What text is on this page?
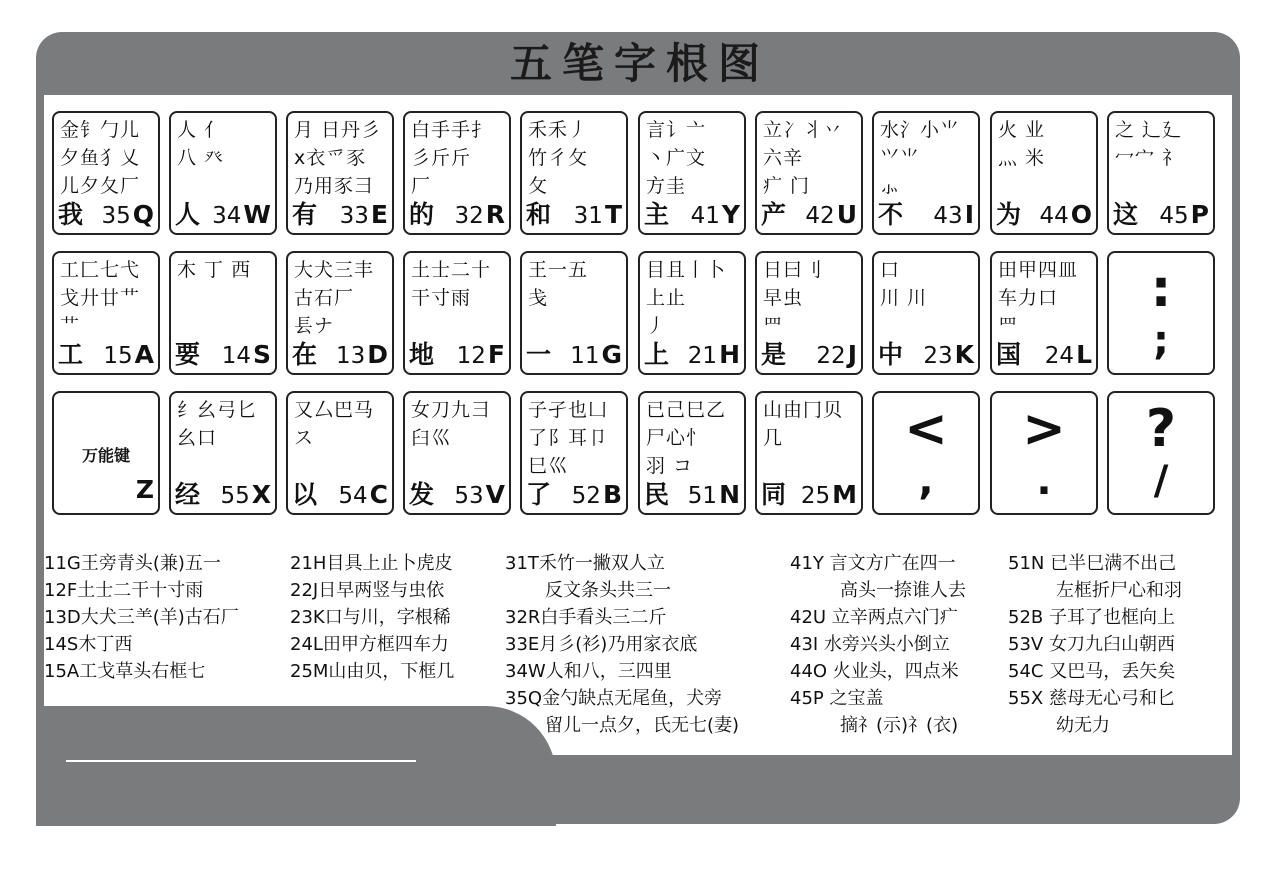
五笔字根图
金钅勹儿
夕鱼犭乂
儿夕夂厂
我 35Q
人 亻
八 癶
人 34W
月 日丹彡
ⅹ衣爫豕
乃用豕彐
有 33E
白手手扌
彡斤斤
厂
的 32R
禾禾丿
竹彳攵
攵
和 31T
言讠亠
丶广文
方圭
主 41Y
立冫丬丷
六辛
疒 门
产 42U
水氵小⺌
⺍⺌
⺗
不 43I
火 业
灬 米
为 44O
之 辶廴
冖宀 礻
这 45P
工匚七弋
戈廾廿艹
艹
工 15A
木 丁 西
要 14S
大犬三丰
古石厂
镸ナ
在 13D
土士二十
干寸雨
地 12F
王一五
戋
一 11G
目且丨卜
上止
丿
上 21H
日曰刂
早虫
罒
是 22J
口
川 川
中 23K
田甲四皿
车力口
罒
国 24L
:
;
万能键
Z
纟幺弓匕
幺口
经 55X
又厶巴马
ス
以 54C
女刀九彐
臼巛
发 53V
子孑也凵
了阝耳卩
巳巛
了 52B
已己巳乙
尸心忄
羽 コ
民 51N
山由冂贝
几
同 25M
<
,
>
.
?
/
11G王旁青头(兼)五一
12F土士二干十寸雨
13D大犬三⺷(羊)古石厂
14S木丁西
15A工戈草头右框七
21H目具上止卜虎皮
22J日早两竖与虫依
23K口与川，字根稀
24L田甲方框四车力
25M山由贝，下框几
31T禾竹一撇双人立
反文条头共三一
32R白手看头三二斤
33E月彡(衫)乃用家衣底
34W人和八，三四里
35Q金勺缺点无尾鱼，犬旁
留儿一点夕，氏无七(妻)
41Y 言文方广在四一
高头一捺谁人去
42U 立辛两点六门疒
43I 水旁兴头小倒立
44O 火业头，四点米
45P 之宝盖
摘礻(示)礻(衣)
51N 已半巳满不出己
左框折尸心和羽
52B 子耳了也框向上
53V 女刀九臼山朝西
54C 又巴马，丢矢矣
55X 慈母无心弓和匕
幼无力
